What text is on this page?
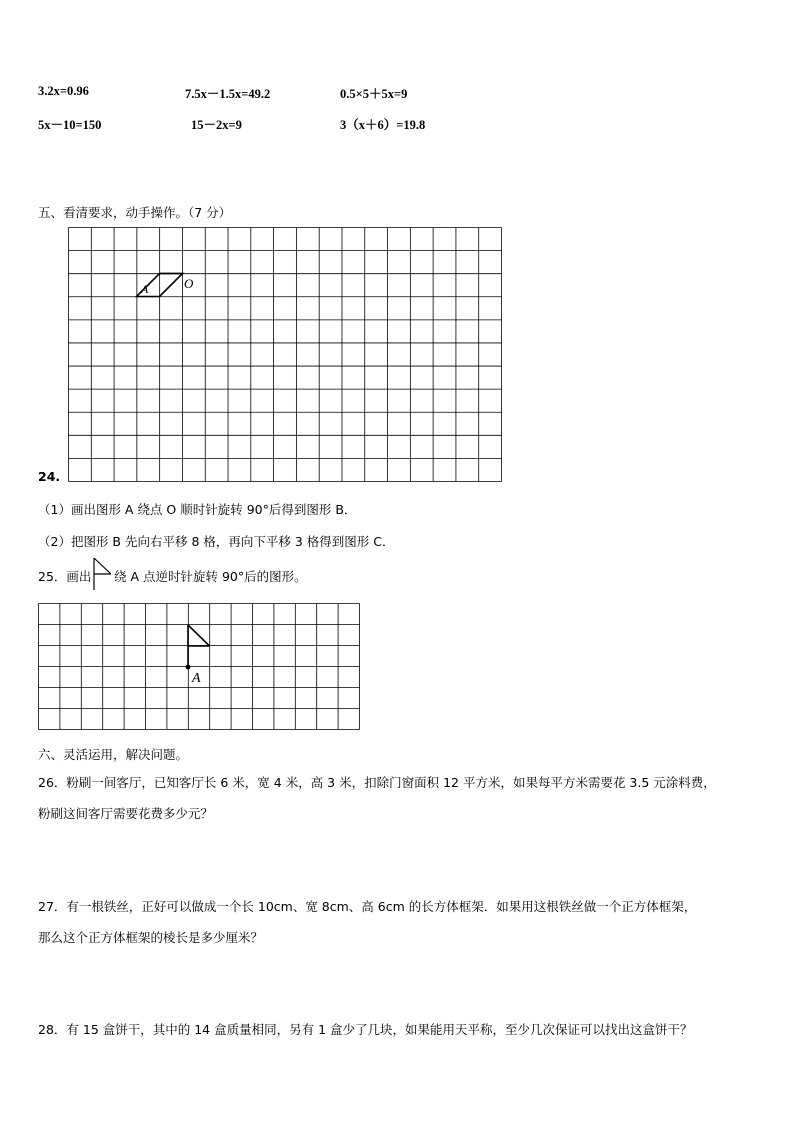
3.2x=0.96	7.5x－1.5x=49.2	0.5×5＋5x=9
5x－10=150	15－2x=9	3（x＋6）=19.8
五、看清要求，动手操作。（7 分）
A	O
24.
（1）画出图形 A 绕点 O 顺时针旋转 90°后得到图形 B．
（2）把图形 B 先向右平移 8 格，再向下平移 3 格得到图形 C．
25．画出 绕 A 点逆时针旋转 90°后的图形。
A
六、灵活运用，解决问题。
26．粉刷一间客厅，已知客厅长 6 米，宽 4 米，高 3 米，扣除门窗面积 12 平方米，如果每平方米需要花 3.5 元涂料费，
粉刷这间客厅需要花费多少元？
27．有一根铁丝，正好可以做成一个长 10cm、宽 8cm、高 6cm 的长方体框架．如果用这根铁丝做一个正方体框架，
那么这个正方体框架的棱长是多少厘米？
28．有 15 盒饼干，其中的 14 盒质量相同，另有 1 盒少了几块，如果能用天平称，至少几次保证可以找出这盒饼干？
